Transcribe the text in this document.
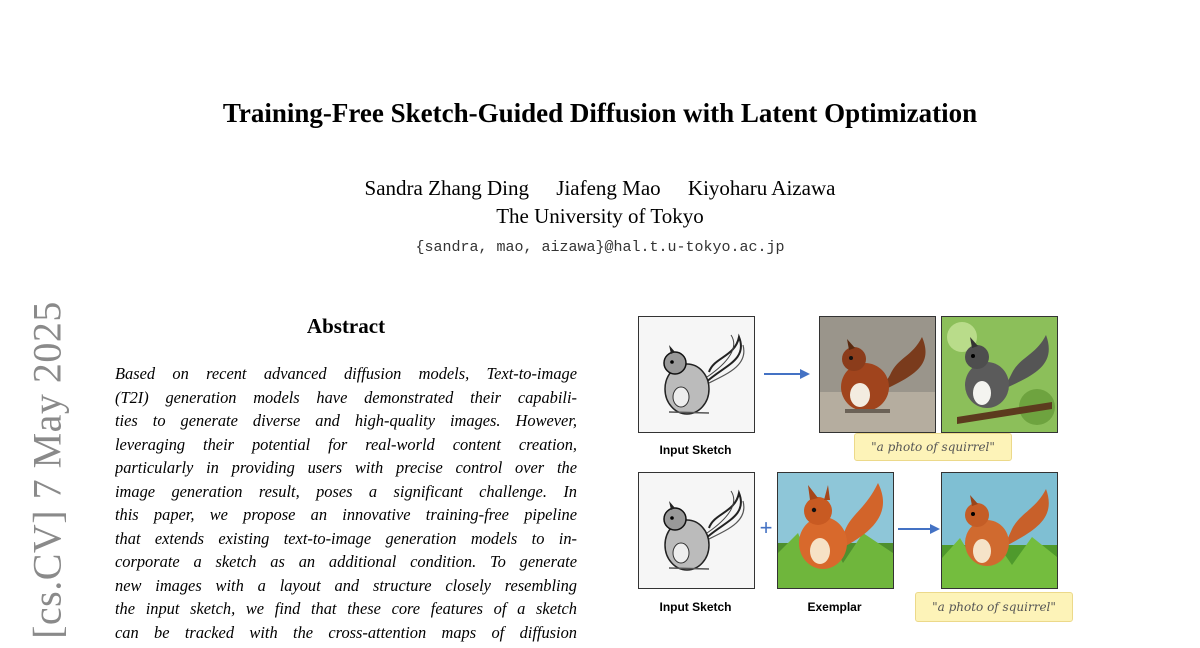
[cs.CV] 7 May 2025
Training-Free Sketch-Guided Diffusion with Latent Optimization
Sandra Zhang Ding Jiafeng Mao Kiyoharu Aizawa
The University of Tokyo
{sandra, mao, aizawa}@hal.t.u-tokyo.ac.jp
Abstract
Based on recent advanced diffusion models, Text-to-image
(T2I) generation models have demonstrated their capabili-
ties to generate diverse and high-quality images. However,
leveraging their potential for real-world content creation,
particularly in providing users with precise control over the
image generation result, poses a significant challenge. In
this paper, we propose an innovative training-free pipeline
that extends existing text-to-image generation models to in-
corporate a sketch as an additional condition. To generate
new images with a layout and structure closely resembling
the input sketch, we find that these core features of a sketch
can be tracked with the cross-attention maps of diffusion
Input Sketch	"a photo of squirrel"
Input Sketch
+
Exemplar	"a photo of squirrel"
